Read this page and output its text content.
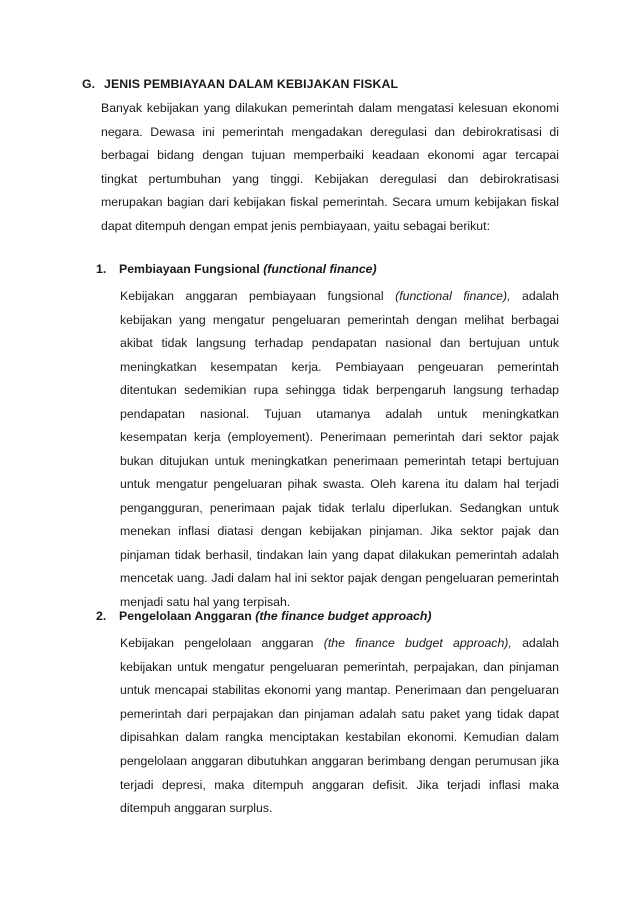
G. JENIS PEMBIAYAAN DALAM KEBIJAKAN FISKAL

Banyak kebijakan yang dilakukan pemerintah dalam mengatasi kelesuan ekonomi negara. Dewasa ini pemerintah mengadakan deregulasi dan debirokratisasi di berbagai bidang dengan tujuan memperbaiki keadaan ekonomi agar tercapai tingkat pertumbuhan yang tinggi. Kebijakan deregulasi dan debirokratisasi merupakan bagian dari kebijakan fiskal pemerintah. Secara umum kebijakan fiskal dapat ditempuh dengan empat jenis pembiayaan, yaitu sebagai berikut:

1. Pembiayaan Fungsional (functional finance)

Kebijakan anggaran pembiayaan fungsional (functional finance), adalah kebijakan yang mengatur pengeluaran pemerintah dengan melihat berbagai akibat tidak langsung terhadap pendapatan nasional dan bertujuan untuk meningkatkan kesempatan kerja. Pembiayaan pengeuaran pemerintah ditentukan sedemikian rupa sehingga tidak berpengaruh langsung terhadap pendapatan nasional. Tujuan utamanya adalah untuk meningkatkan kesempatan kerja (employement). Penerimaan pemerintah dari sektor pajak bukan ditujukan untuk meningkatkan penerimaan pemerintah tetapi bertujuan untuk mengatur pengeluaran pihak swasta. Oleh karena itu dalam hal terjadi pengangguran, penerimaan pajak tidak terlalu diperlukan. Sedangkan untuk menekan inflasi diatasi dengan kebijakan pinjaman. Jika sektor pajak dan pinjaman tidak berhasil, tindakan lain yang dapat dilakukan pemerintah adalah mencetak uang. Jadi dalam hal ini sektor pajak dengan pengeluaran pemerintah menjadi satu hal yang terpisah.

2. Pengelolaan Anggaran (the finance budget approach)

Kebijakan pengelolaan anggaran (the finance budget approach), adalah kebijakan untuk mengatur pengeluaran pemerintah, perpajakan, dan pinjaman untuk mencapai stabilitas ekonomi yang mantap. Penerimaan dan pengeluaran pemerintah dari perpajakan dan pinjaman adalah satu paket yang tidak dapat dipisahkan dalam rangka menciptakan kestabilan ekonomi. Kemudian dalam pengelolaan anggaran dibutuhkan anggaran berimbang dengan perumusan jika terjadi depresi, maka ditempuh anggaran defisit. Jika terjadi inflasi maka ditempuh anggaran surplus.
